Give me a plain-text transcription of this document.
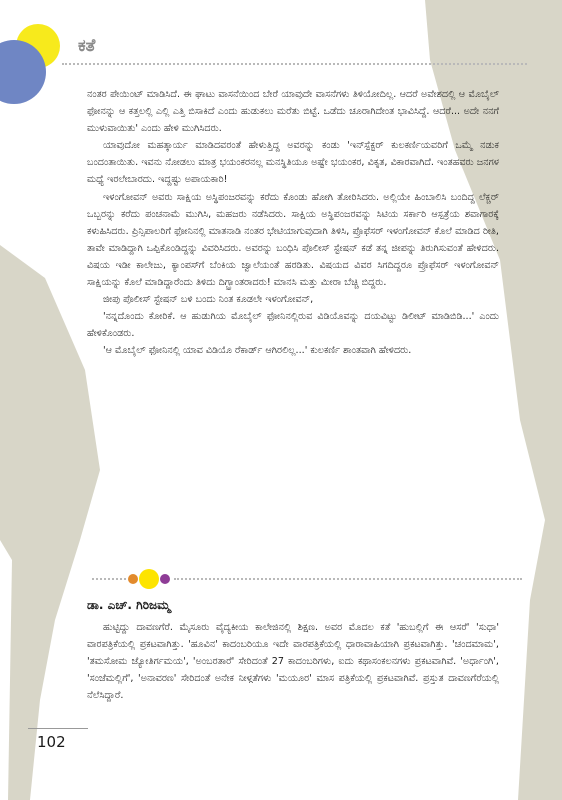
ಕತೆ

ನಂತರ ಪೇಯಿಂಟ್ ಮಾಡಿಸಿದೆ. ಈ ಘಾಟು ವಾಸನೆಯಿಂದ ಬೇರೆ ಯಾವುದೇ ವಾಸನೆಗಳು ತಿಳಿಯೋದಿಲ್ಲ. ಆದರೆ ಅವೇಶದಲ್ಲಿ ಆ ಮೊಬೈಲ್ ಫೋನನ್ನು ಆ ಕತ್ತಲಲ್ಲಿ ಎಲ್ಲಿ ಎತ್ತಿ ಬಿಸಾಕಿದೆ ಎಂದು ಹುಡುಕಲು ಮರೆತು ಬಿಟ್ಟೆ. ಒಡೆದು ಚೂರಾಗಿದೇಂತ ಭಾವಿಸಿದ್ದೆ. ಆದರೆ... ಅದೇ ನನಗೆ ಮುಳುವಾಯಿತು' ಎಂದು ಹೇಳಿ ಮುಗಿಸಿದರು.

ಯಾವುದೋ ಮಹತ್ಕಾರ್ಯ ಮಾಡಿದವರಂತೆ ಹೇಳುತ್ತಿದ್ದ ಅವರನ್ನು ಕಂಡು 'ಇನ್‍ಸ್ಪೆಕ್ಟರ್ ಕುಲಕರ್ಣಿಯವರಿಗೆ ಒಮ್ಮೆ ನಡುಕ ಬಂದಂತಾಯಿತು. ಇವನು ನೋಡಲು ಮಾತ್ರ ಭಯಂಕರನಲ್ಲ ಮನಸ್ಥಿತಿಯೂ ಅಷ್ಟೇ ಭಯಂಕರ, ವಿಕೃತ, ವಿಕಾರವಾಗಿದೆ. ಇಂತಹವರು ಜನಗಳ ಮಧ್ಯೆ ಇರಲೇಬಾರದು. ಇದ್ದಷ್ಟು ಅಪಾಯಕಾರಿ!

ಇಳಂಗೋವನ್ ಅವರು ಸಾಕ್ಷಿಯ ಅಸ್ಥಿಪಂಜರವನ್ನು ಕರೆದು ಕೊಂಡು ಹೋಗಿ ತೋರಿಸಿದರು. ಅಲ್ಲಿಯೇ ಹಿಂಬಾಲಿಸಿ ಬಂದಿದ್ದ ಲೆಕ್ಚರ್ ಒಬ್ಬರನ್ನು ಕರೆದು ಪಂಚನಾಮೆ ಮುಗಿಸಿ, ಮಹಜರು ನಡೆಸಿದರು. ಸಾಕ್ಷಿಯ ಅಸ್ಥಿಪಂಜರವನ್ನು ಸಿಟಿಯ ಸರ್ಕಾರಿ ಆಸ್ಪತ್ರೆಯ ಶವಾಗಾರಕ್ಕೆ ಕಳುಹಿಸಿದರು. ಪ್ರಿನ್ಸಿಪಾಲರಿಗೆ ಫೋನಿನಲ್ಲಿ ಮಾತನಾಡಿ ನಂತರ ಭೇಟಿಯಾಗುವುದಾಗಿ ತಿಳಿಸಿ, ಪ್ರೊಫೆಸರ್ ಇಳಂಗೋವನ್ ಕೊಲೆ ಮಾಡಿದ ರೀತಿ, ತಾವೇ ಮಾಡಿದ್ದಾಗಿ ಒಪ್ಪಿಕೊಂಡಿದ್ದನ್ನು ವಿವರಿಸಿದರು. ಅವರನ್ನು ಬಂಧಿಸಿ ಪೊಲೀಸ್ ಸ್ಟೇಷನ್ ಕಡೆ ತನ್ನ ಜೀಪನ್ನು ತಿರುಗಿಸುವಂತೆ ಹೇಳಿದರು. ವಿಷಯ ಇಡೀ ಕಾಲೇಜು, ಕ್ಯಾಂಪಸ್‍ಗೆ ಬೆಂಕಿಯ ಜ್ವಾಲೆಯಂತೆ ಹರಡಿತು. ವಿಷಯದ ವಿವರ ಸಿಗದಿದ್ದರೂ ಪ್ರೊಫೆಸರ್ ಇಳಂಗೋವನ್ ಸಾಕ್ಷಿಯನ್ನು ಕೊಲೆ ಮಾಡಿದ್ದಾರೆಂದು ತಿಳಿದು ದಿಗ್ಭ್ರಾಂತರಾದರು! ಮಾನಸಿ ಮತ್ತು ಮೀರಾ ಬೆಚ್ಚಿ ಬಿದ್ದರು.

ಜೀಪು ಪೊಲೀಸ್ ಸ್ಟೇಷನ್ ಬಳಿ ಬಂದು ನಿಂತ ಕೂಡಲೇ ಇಳಂಗೋವನ್,

'ನನ್ನದೊಂದು ಕೋರಿಕೆ. ಆ ಹುಡುಗಿಯ ಮೊಬೈಲ್ ಫೋನಿನಲ್ಲಿರುವ ವಿಡಿಯೊವನ್ನು ದಯವಿಟ್ಟು ಡಿಲೀಟ್ ಮಾಡಿಬಿಡಿ...' ಎಂದು ಹೇಳಿಕೊಂಡರು.

'ಆ ಮೊಬೈಲ್ ಫೋನಿನಲ್ಲಿ ಯಾವ ವಿಡಿಯೊ ರೆಕಾರ್ಡ್ ಆಗಿರಲಿಲ್ಲ...' ಕುಲಕರ್ಣಿ ಶಾಂತವಾಗಿ ಹೇಳಿದರು.

ಡಾ. ಎಚ್. ಗಿರಿಜಮ್ಮ

ಹುಟ್ಟಿದ್ದು ದಾವಣಗೆರೆ. ಮೈಸೂರು ವೈದ್ಯಕೀಯ ಕಾಲೇಜಿನಲ್ಲಿ ಶಿಕ್ಷಣ. ಅವರ ಮೊದಲ ಕತೆ 'ಹುಬಲ್ಲಿಗೆ ಈ ಆಸರೆ' 'ಸುಧಾ' ವಾರಪತ್ರಿಕೆಯಲ್ಲಿ ಪ್ರಕಟವಾಗಿತ್ತು. 'ಹೂವಿನ' ಕಾದಂಬರಿಯೂ ಇದೇ ವಾರಪತ್ರಿಕೆಯಲ್ಲಿ ಧಾರಾವಾಹಿಯಾಗಿ ಪ್ರಕಟವಾಗಿತ್ತು. 'ಚಂದಮಾಮ', 'ತಮಸೋಮ ಜ್ಯೋತಿರ್ಗಮಯ', 'ಅಂಬರತಾರೆ' ಸೇರಿದಂತೆ 27 ಕಾದಂಬರಿಗಳು, ಐದು ಕಥಾಸಂಕಲನಗಳು ಪ್ರಕಟವಾಗಿವೆ. 'ಅರ್ಧಾಂಗಿ', 'ಸಂಜೆಮಲ್ಲಿಗೆ', 'ಅನಾವರಣ' ಸೇರಿದಂತೆ ಅನೇಕ ನೀಳ್ಗತೆಗಳು 'ಮಯೂರ' ಮಾಸ ಪತ್ರಿಕೆಯಲ್ಲಿ ಪ್ರಕಟವಾಗಿವೆ. ಪ್ರಸ್ತುತ ದಾವಣಗೆರೆಯಲ್ಲಿ ನೆಲೆಸಿದ್ದಾರೆ.

102
